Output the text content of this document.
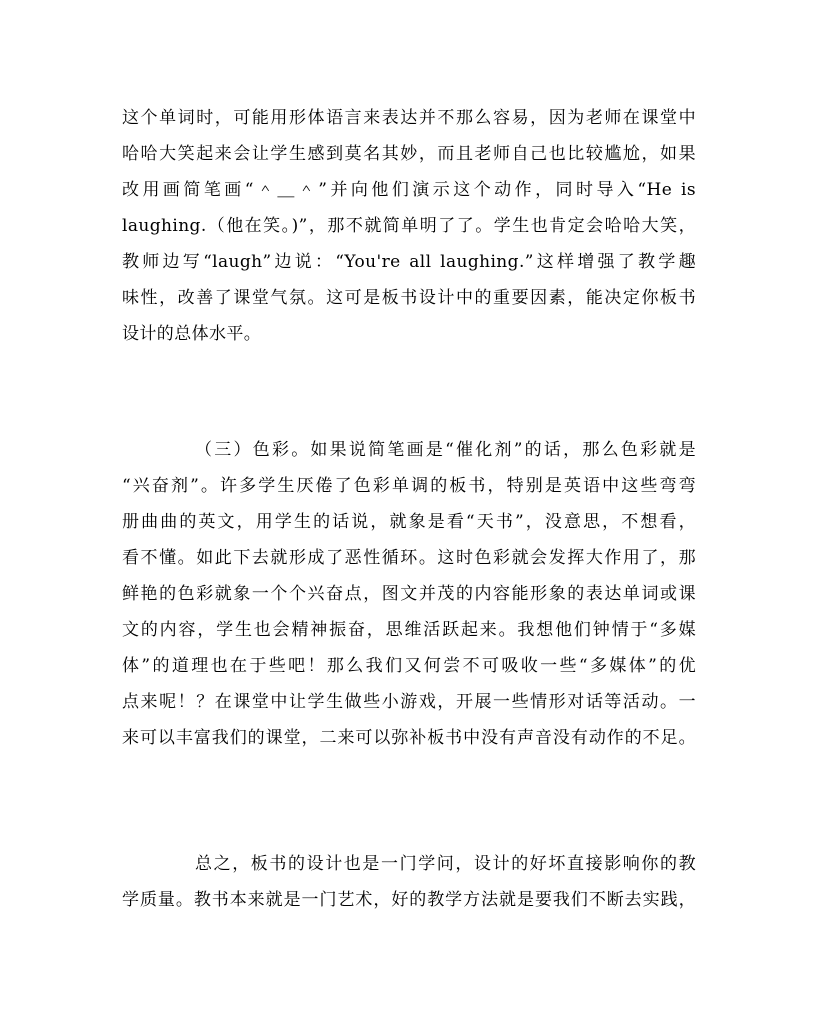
这个单词时，可能用形体语言来表达并不那么容易，因为老师在课堂中
哈哈大笑起来会让学生感到莫名其妙，而且老师自己也比较尴尬，如果
改用画简笔画“＾＿＾”并向他们演示这个动作，同时导入“He is
laughing.（他在笑。)”，那不就简单明了了。学生也肯定会哈哈大笑，
教师边写“laugh”边说：“You're all laughing.”这样增强了教学趣
味性，改善了课堂气氛。这可是板书设计中的重要因素，能决定你板书
设计的总体水平。
（三）色彩。如果说简笔画是“催化剂”的话，那么色彩就是
“兴奋剂”。许多学生厌倦了色彩单调的板书，特别是英语中这些弯弯
册曲曲的英文，用学生的话说，就象是看“天书”，没意思，不想看，
看不懂。如此下去就形成了恶性循环。这时色彩就会发挥大作用了，那
鲜艳的色彩就象一个个兴奋点，图文并茂的内容能形象的表达单词或课
文的内容，学生也会精神振奋，思维活跃起来。我想他们钟情于“多媒
体”的道理也在于些吧！那么我们又何尝不可吸收一些“多媒体”的优
点来呢！？在课堂中让学生做些小游戏，开展一些情形对话等活动。一
来可以丰富我们的课堂，二来可以弥补板书中没有声音没有动作的不足。
总之，板书的设计也是一门学问，设计的好坏直接影响你的教
学质量。教书本来就是一门艺术，好的教学方法就是要我们不断去实践，
